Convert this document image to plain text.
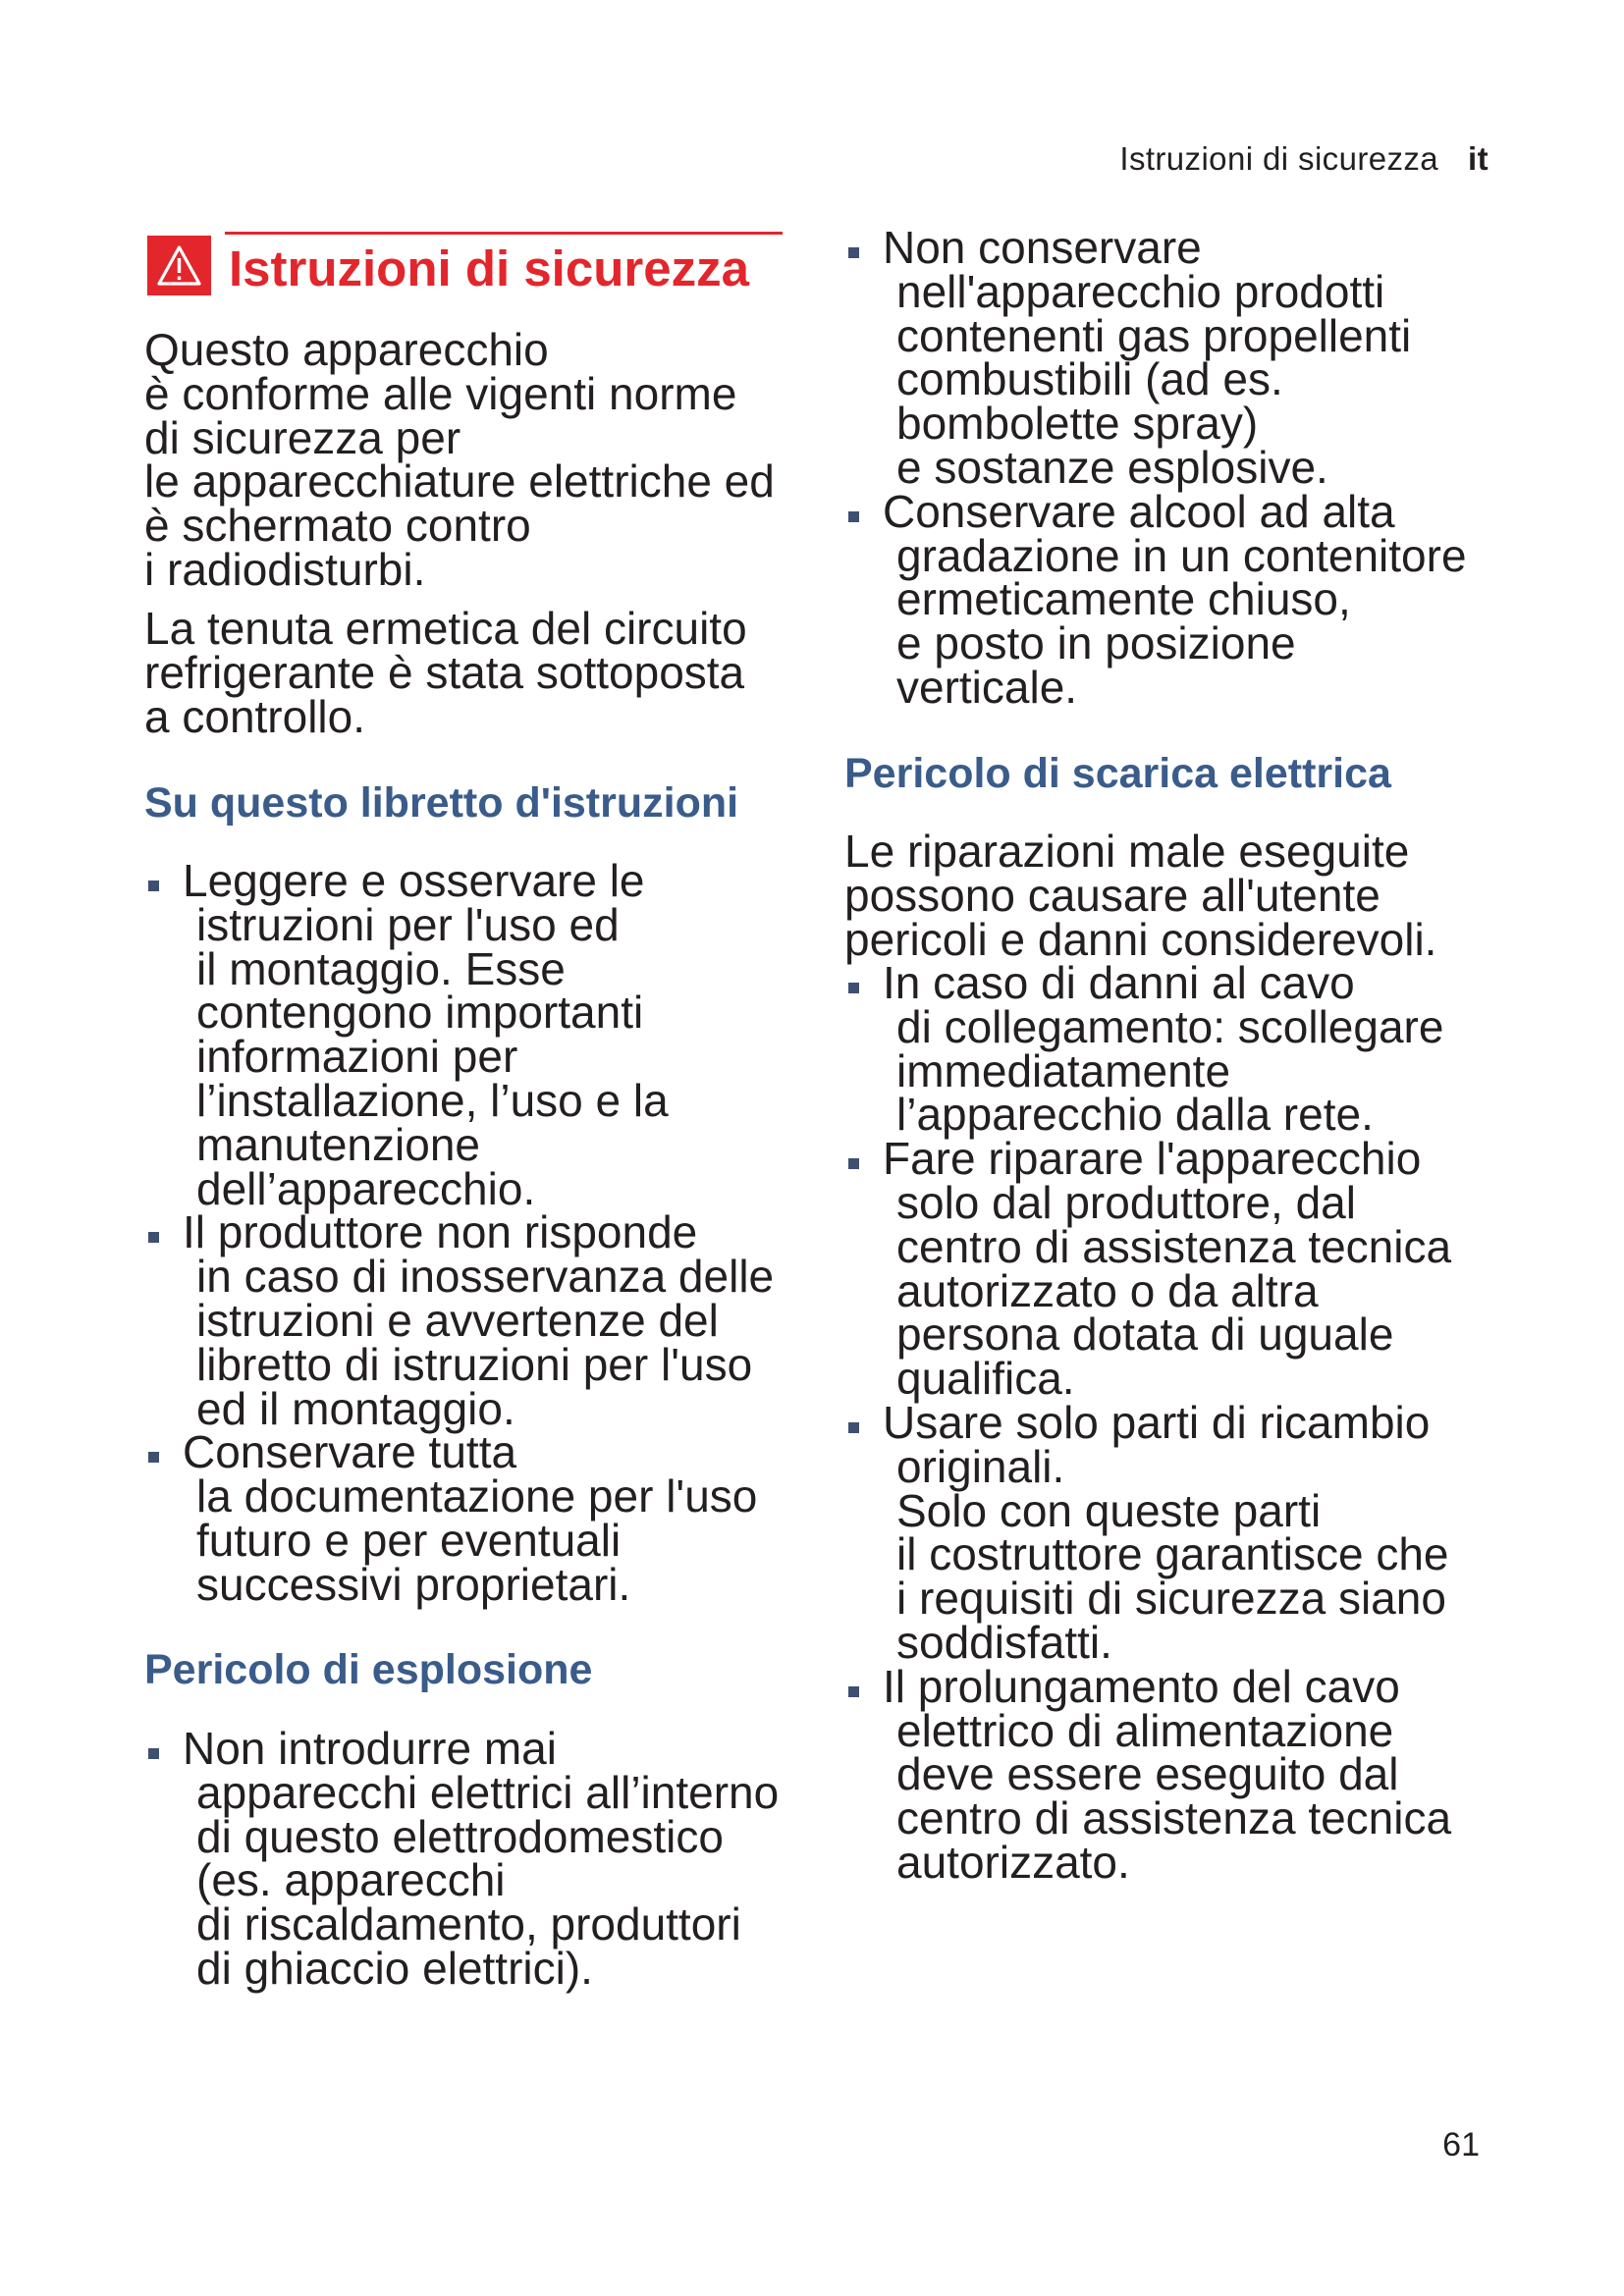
Istruzioni di sicurezza it
Istruzioni di sicurezza
Questo apparecchio
è conforme alle vigenti norme
di sicurezza per
le apparecchiature elettriche ed
è schermato contro
i radiodisturbi.
La tenuta ermetica del circuito
refrigerante è stata sottoposta
a controllo.
Su questo libretto d'istruzioni
Leggere e osservare le
istruzioni per l'uso ed
il montaggio. Esse
contengono importanti
informazioni per
l’installazione, l’uso e la
manutenzione
dell’apparecchio.
Il produttore non risponde
in caso di inosservanza delle
istruzioni e avvertenze del
libretto di istruzioni per l'uso
ed il montaggio.
Conservare tutta
la documentazione per l'uso
futuro e per eventuali
successivi proprietari.
Pericolo di esplosione
Non introdurre mai
apparecchi elettrici all’interno
di questo elettrodomestico
(es. apparecchi
di riscaldamento, produttori
di ghiaccio elettrici).
Non conservare
nell'apparecchio prodotti
contenenti gas propellenti
combustibili (ad es.
bombolette spray)
e sostanze esplosive.
Conservare alcool ad alta
gradazione in un contenitore
ermeticamente chiuso,
e posto in posizione
verticale.
Pericolo di scarica elettrica
Le riparazioni male eseguite
possono causare all'utente
pericoli e danni considerevoli.
In caso di danni al cavo
di collegamento: scollegare
immediatamente
l’apparecchio dalla rete.
Fare riparare l'apparecchio
solo dal produttore, dal
centro di assistenza tecnica
autorizzato o da altra
persona dotata di uguale
qualifica.
Usare solo parti di ricambio
originali.
Solo con queste parti
il costruttore garantisce che
i requisiti di sicurezza siano
soddisfatti.
Il prolungamento del cavo
elettrico di alimentazione
deve essere eseguito dal
centro di assistenza tecnica
autorizzato.
61
